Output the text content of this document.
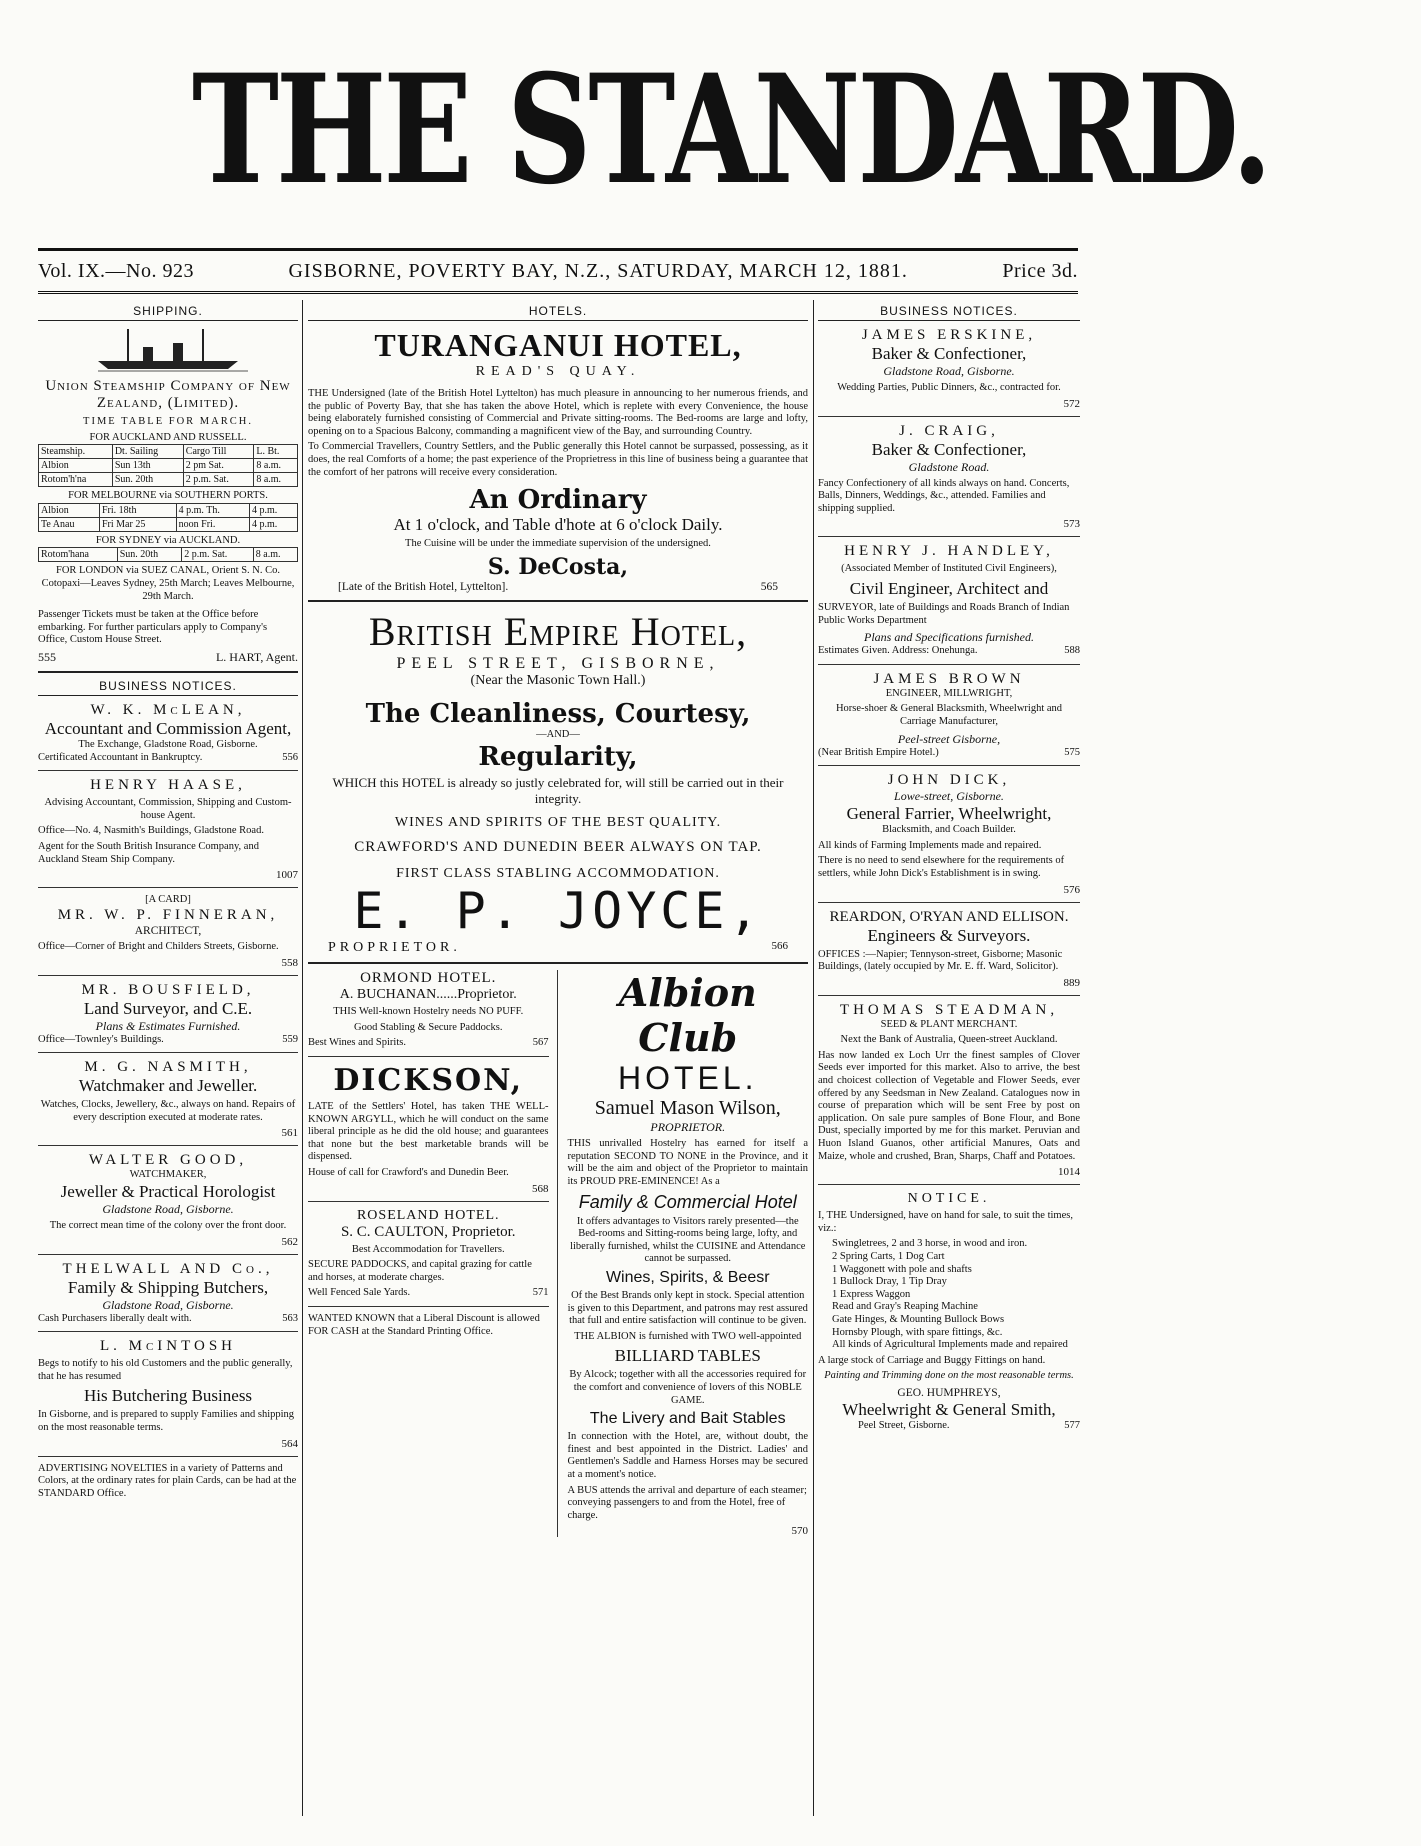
THE STANDARD.
Vol. IX.—No. 923	GISBORNE, POVERTY BAY, N.Z., SATURDAY, MARCH 12, 1881.	Price 3d.
SHIPPING.
Union Steamship Company of New Zealand, (Limited).
TIME TABLE FOR MARCH.
FOR AUCKLAND AND RUSSELL.
Steamship.	Dt. Sailing	Cargo Till	L. Bt.
Albion	Sun 13th	2 pm Sat.	8 a.m.
Rotom'h'na	Sun. 20th	2 p.m. Sat.	8 a.m.
FOR MELBOURNE via SOUTHERN PORTS.
Albion	Fri. 18th	4 p.m. Th.	4 p.m.
Te Anau	Fri Mar 25	noon Fri.	4 p.m.
FOR SYDNEY via AUCKLAND.
Rotom'hana	Sun. 20th	2 p.m. Sat.	8 a.m.
FOR LONDON via SUEZ CANAL, Orient S. N. Co.
Cotopaxi—Leaves Sydney, 25th March; Leaves Melbourne, 29th March.

Passenger Tickets must be taken at the Office before embarking. For further particulars apply to Company's Office, Custom House Street.

555	L. HART, Agent.
BUSINESS NOTICES.
W. K. McLEAN,
Accountant and Commission Agent,
The Exchange, Gladstone Road, Gisborne.
Certificated Accountant in Bankruptcy.	556
HENRY HAASE,

Advising Accountant, Commission, Shipping and Custom-house Agent.

Office—No. 4, Nasmith's Buildings, Gladstone Road.

Agent for the South British Insurance Company, and Auckland Steam Ship Company.

1007
[A CARD]
MR. W. P. FINNERAN,
ARCHITECT,

Office—Corner of Bright and Childers Streets, Gisborne.

558
MR. BOUSFIELD,
Land Surveyor, and C.E.
Plans & Estimates Furnished.
Office—Townley's Buildings.	559
M. G. NASMITH,
Watchmaker and Jeweller.

Watches, Clocks, Jewellery, &c., always on hand. Repairs of every description executed at moderate rates.

561
WALTER GOOD,
WATCHMAKER,
Jeweller & Practical Horologist
Gladstone Road, Gisborne.

The correct mean time of the colony over the front door.

562
THELWALL AND Co.,
Family & Shipping Butchers,
Gladstone Road, Gisborne.
Cash Purchasers liberally dealt with.	563
L. McINTOSH

Begs to notify to his old Customers and the public generally, that he has resumed

His Butchering Business

In Gisborne, and is prepared to supply Families and shipping on the most reasonable terms.

564

ADVERTISING NOVELTIES in a variety of Patterns and Colors, at the ordinary rates for plain Cards, can be had at the STANDARD Office.

HOTELS.
TURANGANUI HOTEL,
READ'S QUAY.

THE Undersigned (late of the British Hotel Lyttelton) has much pleasure in announcing to her numerous friends, and the public of Poverty Bay, that she has taken the above Hotel, which is replete with every Convenience, the house being elaborately furnished consisting of Commercial and Private sitting-rooms. The Bed-rooms are large and lofty, opening on to a Spacious Balcony, commanding a magnificent view of the Bay, and surrounding Country.

To Commercial Travellers, Country Settlers, and the Public generally this Hotel cannot be surpassed, possessing, as it does, the real Comforts of a home; the past experience of the Proprietress in this line of business being a guarantee that the comfort of her patrons will receive every consideration.

An Ordinary
At 1 o'clock, and Table d'hote at 6 o'clock Daily.

The Cuisine will be under the immediate supervision of the undersigned.

S. DeCosta,
[Late of the British Hotel, Lyttelton].	565
British Empire Hotel,
PEEL STREET, GISBORNE,
(Near the Masonic Town Hall.)
The Cleanliness, Courtesy,
—AND—
Regularity,

WHICH this HOTEL is already so justly celebrated for, will still be carried out in their integrity.

WINES AND SPIRITS OF THE BEST QUALITY.
CRAWFORD'S AND DUNEDIN BEER ALWAYS ON TAP.
FIRST CLASS STABLING ACCOMMODATION.
E. P. JOYCE,
PROPRIETOR.	566
ORMOND HOTEL.
A. BUCHANAN......Proprietor.

THIS Well-known Hostelry needs NO PUFF.

Good Stabling & Secure Paddocks.

Best Wines and Spirits.	567
DICKSON,

LATE of the Settlers' Hotel, has taken THE WELL-KNOWN ARGYLL, which he will conduct on the same liberal principle as he did the old house; and guarantees that none but the best marketable brands will be dispensed.

House of call for Crawford's and Dunedin Beer.

568
ROSELAND HOTEL.
S. C. CAULTON, Proprietor.

Best Accommodation for Travellers.

SECURE PADDOCKS, and capital grazing for cattle and horses, at moderate charges.

Well Fenced Sale Yards.	571

WANTED KNOWN that a Liberal Discount is allowed FOR CASH at the Standard Printing Office.

Albion Club
HOTEL.
Samuel Mason Wilson,
PROPRIETOR.

THIS unrivalled Hostelry has earned for itself a reputation SECOND TO NONE in the Province, and it will be the aim and object of the Proprietor to maintain its PROUD PRE-EMINENCE! As a

Family & Commercial Hotel

It offers advantages to Visitors rarely presented—the Bed-rooms and Sitting-rooms being large, lofty, and liberally furnished, whilst the CUISINE and Attendance cannot be surpassed.

Wines, Spirits, & Beesr

Of the Best Brands only kept in stock. Special attention is given to this Department, and patrons may rest assured that full and entire satisfaction will continue to be given.

THE ALBION is furnished with TWO well-appointed

BILLIARD TABLES

By Alcock; together with all the accessories required for the comfort and convenience of lovers of this NOBLE GAME.

The Livery and Bait Stables

In connection with the Hotel, are, without doubt, the finest and best appointed in the District. Ladies' and Gentlemen's Saddle and Harness Horses may be secured at a moment's notice.

A BUS attends the arrival and departure of each steamer; conveying passengers to and from the Hotel, free of charge.

570
BUSINESS NOTICES.
JAMES ERSKINE,
Baker & Confectioner,
Gladstone Road, Gisborne.

Wedding Parties, Public Dinners, &c., contracted for.

572
J. CRAIG,
Baker & Confectioner,
Gladstone Road.

Fancy Confectionery of all kinds always on hand. Concerts, Balls, Dinners, Weddings, &c., attended. Families and shipping supplied.

573
HENRY J. HANDLEY,

(Associated Member of Instituted Civil Engineers),

Civil Engineer, Architect and

SURVEYOR, late of Buildings and Roads Branch of Indian Public Works Department

Plans and Specifications furnished.
Estimates Given. Address: Onehunga.	588
JAMES BROWN
ENGINEER, MILLWRIGHT,

Horse-shoer & General Blacksmith, Wheelwright and Carriage Manufacturer,

Peel-street Gisborne,
(Near British Empire Hotel.)	575
JOHN DICK,
Lowe-street, Gisborne.
General Farrier, Wheelwright,
Blacksmith, and Coach Builder.

All kinds of Farming Implements made and repaired.

There is no need to send elsewhere for the requirements of settlers, while John Dick's Establishment is in swing.

576
REARDON, O'RYAN AND ELLISON.
Engineers & Surveyors.

OFFICES :—Napier; Tennyson-street, Gisborne; Masonic Buildings, (lately occupied by Mr. E. ff. Ward, Solicitor).

889
THOMAS STEADMAN,
SEED & PLANT MERCHANT.

Next the Bank of Australia, Queen-street Auckland.

Has now landed ex Loch Urr the finest samples of Clover Seeds ever imported for this market. Also to arrive, the best and choicest collection of Vegetable and Flower Seeds, ever offered by any Seedsman in New Zealand. Catalogues now in course of preparation which will be sent Free by post on application. On sale pure samples of Bone Flour, and Bone Dust, specially imported by me for this market. Peruvian and Huon Island Guanos, other artificial Manures, Oats and Maize, whole and crushed, Bran, Sharps, Chaff and Potatoes.

1014
NOTICE.

I, THE Undersigned, have on hand for sale, to suit the times, viz.:

Swingletrees, 2 and 3 horse, in wood and iron.
2 Spring Carts, 1 Dog Cart
1 Waggonett with pole and shafts
1 Bullock Dray, 1 Tip Dray
1 Express Waggon
Read and Gray's Reaping Machine
Gate Hinges, & Mounting Bullock Bows
Hornsby Plough, with spare fittings, &c.
All kinds of Agricultural Implements made and repaired

A large stock of Carriage and Buggy Fittings on hand.

Painting and Trimming done on the most reasonable terms.

GEO. HUMPHREYS,
Wheelwright & General Smith,
Peel Street, Gisborne.	577
